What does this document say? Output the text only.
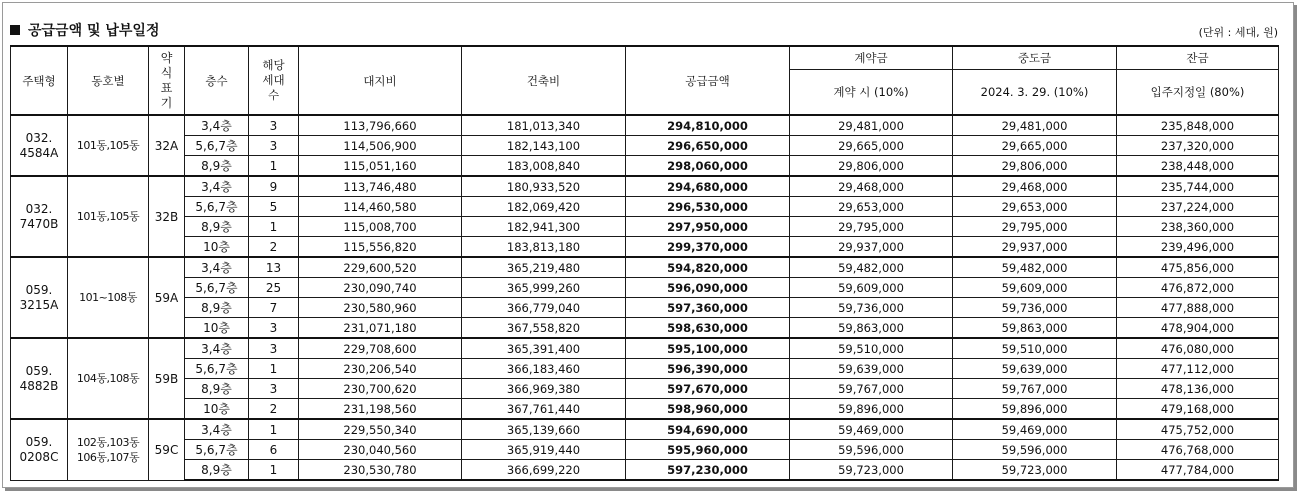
공급금액 및 납부일정	(단위 : 세대, 원)
주택형	동호별	약 식 표 기	층수	해당 세대 수	대지비	건축비	공급금액	계약금	중도금	잔금
								계약 시 (10%)	2024. 3. 29. (10%)	입주지정일 (80%)
032.
4584A	101동,105동	32A	3,4층	3	113,796,660	181,013,340	294,810,000	29,481,000	29,481,000	235,848,000
			5,6,7층	3	114,506,900	182,143,100	296,650,000	29,665,000	29,665,000	237,320,000
			8,9층	1	115,051,160	183,008,840	298,060,000	29,806,000	29,806,000	238,448,000
032.
7470B	101동,105동	32B	3,4층	9	113,746,480	180,933,520	294,680,000	29,468,000	29,468,000	235,744,000
			5,6,7층	5	114,460,580	182,069,420	296,530,000	29,653,000	29,653,000	237,224,000
			8,9층	1	115,008,700	182,941,300	297,950,000	29,795,000	29,795,000	238,360,000
			10층	2	115,556,820	183,813,180	299,370,000	29,937,000	29,937,000	239,496,000
059.
3215A	101~108동	59A	3,4층	13	229,600,520	365,219,480	594,820,000	59,482,000	59,482,000	475,856,000
			5,6,7층	25	230,090,740	365,999,260	596,090,000	59,609,000	59,609,000	476,872,000
			8,9층	7	230,580,960	366,779,040	597,360,000	59,736,000	59,736,000	477,888,000
			10층	3	231,071,180	367,558,820	598,630,000	59,863,000	59,863,000	478,904,000
059.
4882B	104동,108동	59B	3,4층	3	229,708,600	365,391,400	595,100,000	59,510,000	59,510,000	476,080,000
			5,6,7층	1	230,206,540	366,183,460	596,390,000	59,639,000	59,639,000	477,112,000
			8,9층	3	230,700,620	366,969,380	597,670,000	59,767,000	59,767,000	478,136,000
			10층	2	231,198,560	367,761,440	598,960,000	59,896,000	59,896,000	479,168,000
059.
0208C	102동,103동
106동,107동	59C	3,4층	1	229,550,340	365,139,660	594,690,000	59,469,000	59,469,000	475,752,000
			5,6,7층	6	230,040,560	365,919,440	595,960,000	59,596,000	59,596,000	476,768,000
			8,9층	1	230,530,780	366,699,220	597,230,000	59,723,000	59,723,000	477,784,000
